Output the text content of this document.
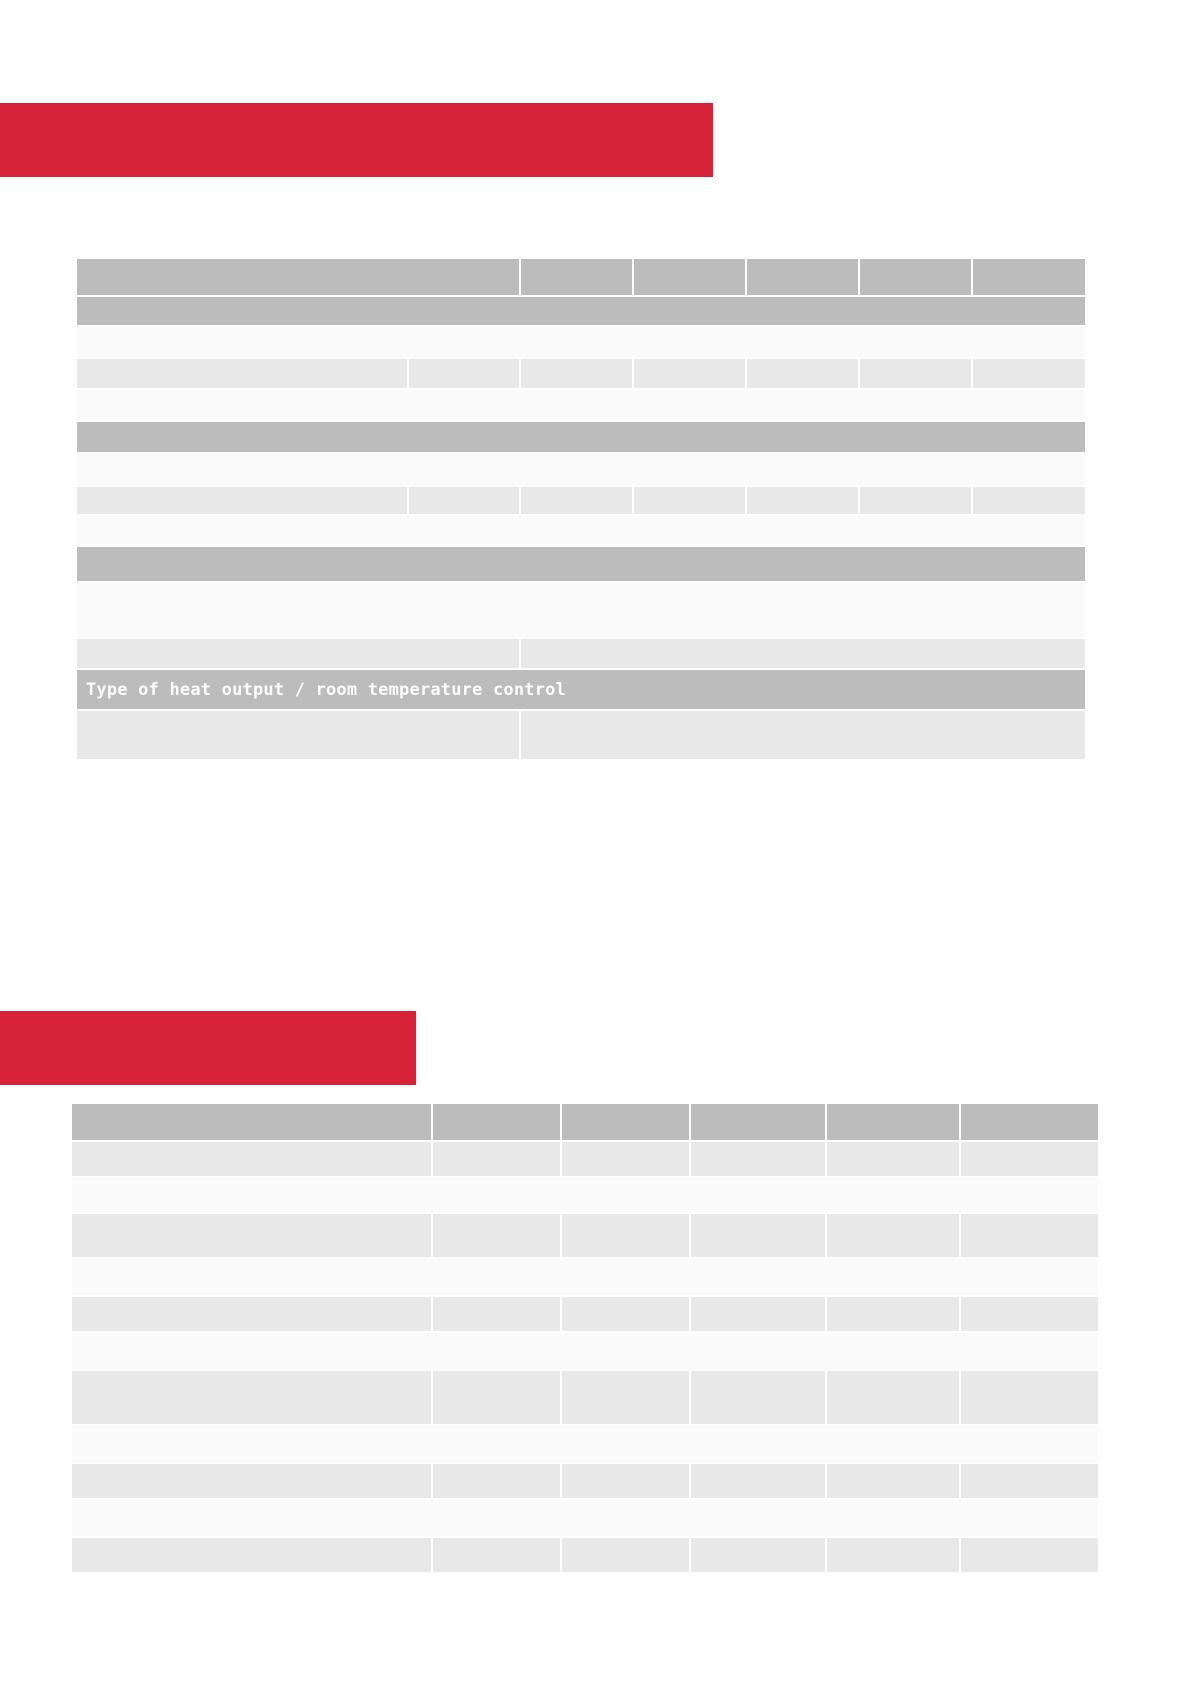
Type of heat output / room temperature control
